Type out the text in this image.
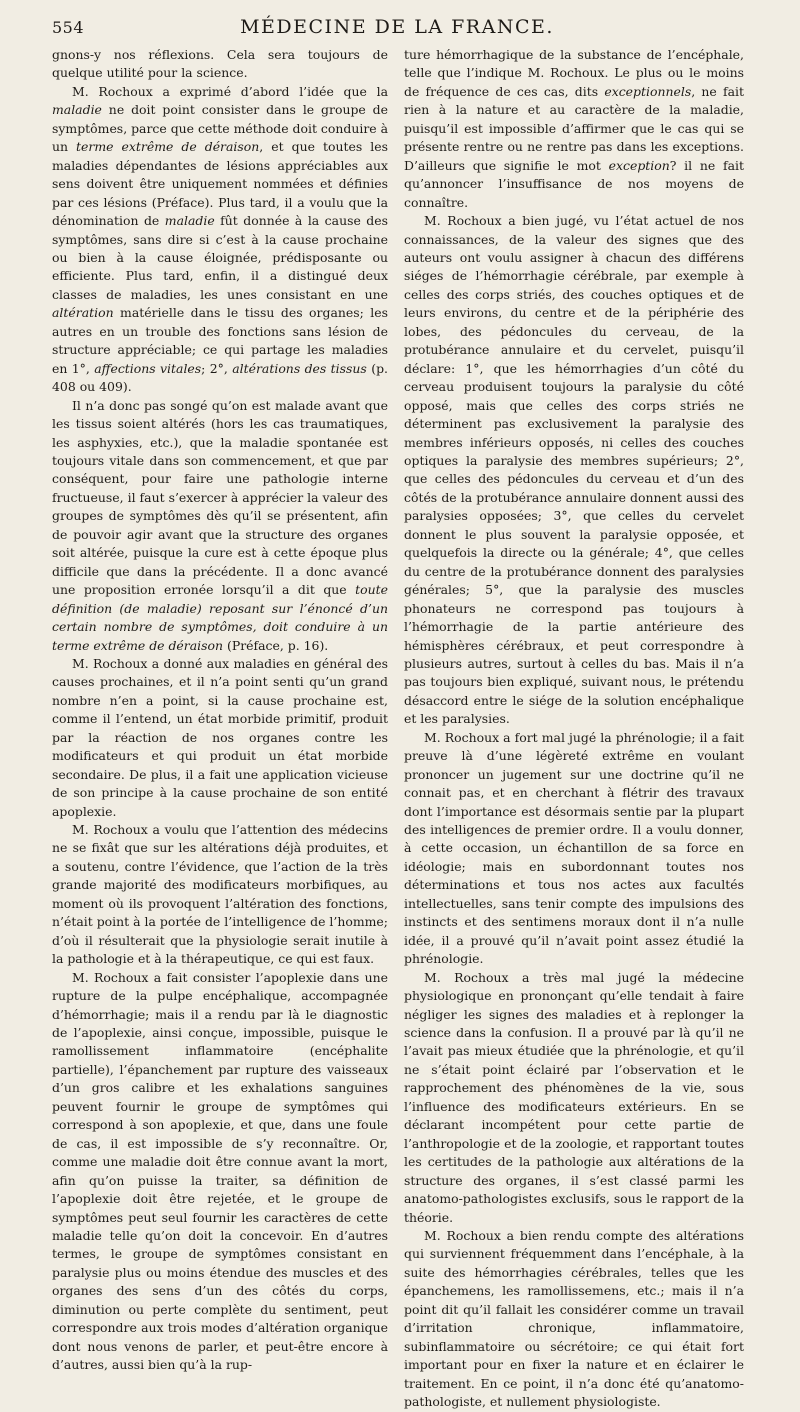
554	MÉDECINE DE LA FRANCE.

gnons-y nos réflexions. Cela sera toujours de quelque utilité pour la science.

M. Rochoux a exprimé d’abord l’idée que la maladie ne doit point consister dans le groupe de symptômes, parce que cette méthode doit conduire à un terme extrême de déraison, et que toutes les maladies dépendantes de lésions appréciables aux sens doivent être uniquement nommées et définies par ces lésions (Préface). Plus tard, il a voulu que la dénomination de maladie fût donnée à la cause des symptômes, sans dire si c’est à la cause prochaine ou bien à la cause éloignée, prédisposante ou efficiente. Plus tard, enfin, il a distingué deux classes de maladies, les unes consistant en une altération matérielle dans le tissu des organes; les autres en un trouble des fonctions sans lésion de structure appréciable; ce qui partage les maladies en 1°, affections vitales; 2°, altérations des tissus (p. 408 ou 409).

Il n’a donc pas songé qu’on est malade avant que les tissus soient altérés (hors les cas traumatiques, les asphyxies, etc.), que la maladie spontanée est toujours vitale dans son commencement, et que par conséquent, pour faire une pathologie interne fructueuse, il faut s’exercer à apprécier la valeur des groupes de symptômes dès qu’il se présentent, afin de pouvoir agir avant que la structure des organes soit altérée, puisque la cure est à cette époque plus difficile que dans la précédente. Il a donc avancé une proposition erronée lorsqu’il a dit que toute définition (de maladie) reposant sur l’énoncé d’un certain nombre de symptômes, doit conduire à un terme extrême de déraison (Préface, p. 16).

M. Rochoux a donné aux maladies en général des causes prochaines, et il n’a point senti qu’un grand nombre n’en a point, si la cause prochaine est, comme il l’entend, un état morbide primitif, produit par la réaction de nos organes contre les modificateurs et qui produit un état morbide secondaire. De plus, il a fait une application vicieuse de son principe à la cause prochaine de son entité apoplexie.

M. Rochoux a voulu que l’attention des médecins ne se fixât que sur les altérations déjà produites, et a soutenu, contre l’évidence, que l’action de la très grande majorité des modificateurs morbifiques, au moment où ils provoquent l’altération des fonctions, n’était point à la portée de l’intelligence de l’homme; d’où il résulterait que la physiologie serait inutile à la pathologie et à la thérapeutique, ce qui est faux.

M. Rochoux a fait consister l’apoplexie dans une rupture de la pulpe encéphalique, accompagnée d’hémorrhagie; mais il a rendu par là le diagnostic de l’apoplexie, ainsi conçue, impossible, puisque le ramollissement inflammatoire (encéphalite partielle), l’épanchement par rupture des vaisseaux d’un gros calibre et les exhalations sanguines peuvent fournir le groupe de symptômes qui correspond à son apoplexie, et que, dans une foule de cas, il est impossible de s’y reconnaître. Or, comme une maladie doit être connue avant la mort, afin qu’on puisse la traiter, sa définition de l’apoplexie doit être rejetée, et le groupe de symptômes peut seul fournir les caractères de cette maladie telle qu’on doit la concevoir. En d’autres termes, le groupe de symptômes consistant en paralysie plus ou moins étendue des muscles et des organes des sens d’un des côtés du corps, diminution ou perte complète du sentiment, peut correspondre aux trois modes d’altération organique dont nous venons de parler, et peut-être encore à d’autres, aussi bien qu’à la rup-

ture hémorrhagique de la substance de l’encéphale, telle que l’indique M. Rochoux. Le plus ou le moins de fréquence de ces cas, dits exceptionnels, ne fait rien à la nature et au caractère de la maladie, puisqu’il est impossible d’affirmer que le cas qui se présente rentre ou ne rentre pas dans les exceptions. D’ailleurs que signifie le mot exception? il ne fait qu’annoncer l’insuffisance de nos moyens de connaître.

M. Rochoux a bien jugé, vu l’état actuel de nos connaissances, de la valeur des signes que des auteurs ont voulu assigner à chacun des différens siéges de l’hémorrhagie cérébrale, par exemple à celles des corps striés, des couches optiques et de leurs environs, du centre et de la périphérie des lobes, des pédoncules du cerveau, de la protubérance annulaire et du cervelet, puisqu’il déclare: 1°, que les hémorrhagies d’un côté du cerveau produisent toujours la paralysie du côté opposé, mais que celles des corps striés ne déterminent pas exclusivement la paralysie des membres inférieurs opposés, ni celles des couches optiques la paralysie des membres supérieurs; 2°, que celles des pédoncules du cerveau et d’un des côtés de la protubérance annulaire donnent aussi des paralysies opposées; 3°, que celles du cervelet donnent le plus souvent la paralysie opposée, et quelquefois la directe ou la générale; 4°, que celles du centre de la protubérance donnent des paralysies générales; 5°, que la paralysie des muscles phonateurs ne correspond pas toujours à l’hémorrhagie de la partie antérieure des hémisphères cérébraux, et peut correspondre à plusieurs autres, surtout à celles du bas. Mais il n’a pas toujours bien expliqué, suivant nous, le prétendu désaccord entre le siége de la solution encéphalique et les paralysies.

M. Rochoux a fort mal jugé la phrénologie; il a fait preuve là d’une légèreté extrême en voulant prononcer un jugement sur une doctrine qu’il ne connait pas, et en cherchant à flétrir des travaux dont l’importance est désormais sentie par la plupart des intelligences de premier ordre. Il a voulu donner, à cette occasion, un échantillon de sa force en idéologie; mais en subordonnant toutes nos déterminations et tous nos actes aux facultés intellectuelles, sans tenir compte des impulsions des instincts et des sentimens moraux dont il n’a nulle idée, il a prouvé qu’il n’avait point assez étudié la phrénologie.

M. Rochoux a très mal jugé la médecine physiologique en prononçant qu’elle tendait à faire négliger les signes des maladies et à replonger la science dans la confusion. Il a prouvé par là qu’il ne l’avait pas mieux étudiée que la phrénologie, et qu’il ne s’était point éclairé par l’observation et le rapprochement des phénomènes de la vie, sous l’influence des modificateurs extérieurs. En se déclarant incompétent pour cette partie de l’anthropologie et de la zoologie, et rapportant toutes les certitudes de la pathologie aux altérations de la structure des organes, il s’est classé parmi les anatomo-pathologistes exclusifs, sous le rapport de la théorie.

M. Rochoux a bien rendu compte des altérations qui surviennent fréquemment dans l’encéphale, à la suite des hémorrhagies cérébrales, telles que les épanchemens, les ramollissemens, etc.; mais il n’a point dit qu’il fallait les considérer comme un travail d’irritation chronique, inflammatoire, subinflammatoire ou sécrétoire; ce qui était fort important pour en fixer la nature et en éclairer le traitement. En ce point, il n’a donc été qu’anatomo-pathologiste, et nullement physiologiste.
